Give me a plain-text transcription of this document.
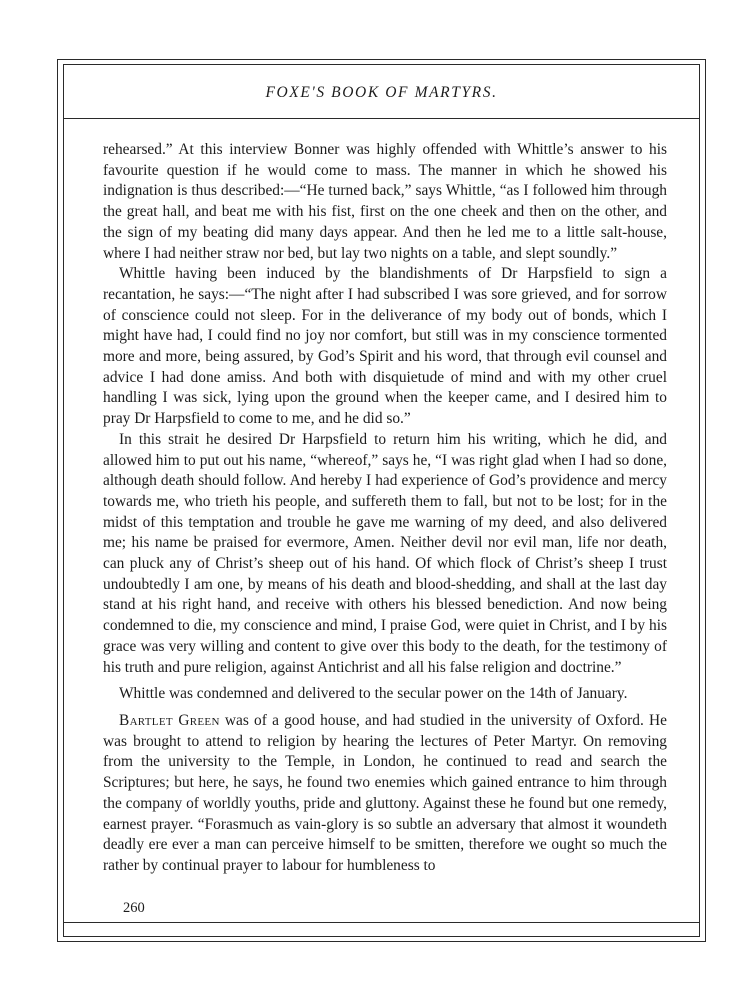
FOXE'S BOOK OF MARTYRS.

rehearsed.” At this interview Bonner was highly offended with Whittle’s answer to his favourite question if he would come to mass. The manner in which he showed his indignation is thus described:—“He turned back,” says Whittle, “as I followed him through the great hall, and beat me with his fist, first on the one cheek and then on the other, and the sign of my beating did many days appear. And then he led me to a little salt-house, where I had neither straw nor bed, but lay two nights on a table, and slept soundly.”

Whittle having been induced by the blandishments of Dr Harpsfield to sign a recantation, he says:—“The night after I had subscribed I was sore grieved, and for sorrow of conscience could not sleep. For in the deliverance of my body out of bonds, which I might have had, I could find no joy nor comfort, but still was in my conscience tormented more and more, being assured, by God’s Spirit and his word, that through evil counsel and advice I had done amiss. And both with disquietude of mind and with my other cruel handling I was sick, lying upon the ground when the keeper came, and I desired him to pray Dr Harpsfield to come to me, and he did so.”

In this strait he desired Dr Harpsfield to return him his writing, which he did, and allowed him to put out his name, “whereof,” says he, “I was right glad when I had so done, although death should follow. And hereby I had experience of God’s providence and mercy towards me, who trieth his people, and suffereth them to fall, but not to be lost; for in the midst of this temptation and trouble he gave me warning of my deed, and also delivered me; his name be praised for evermore, Amen. Neither devil nor evil man, life nor death, can pluck any of Christ’s sheep out of his hand. Of which flock of Christ’s sheep I trust undoubtedly I am one, by means of his death and blood-shedding, and shall at the last day stand at his right hand, and receive with others his blessed benediction. And now being condemned to die, my conscience and mind, I praise God, were quiet in Christ, and I by his grace was very willing and content to give over this body to the death, for the testimony of his truth and pure religion, against Antichrist and all his false religion and doctrine.”

Whittle was condemned and delivered to the secular power on the 14th of January.

Bartlet Green was of a good house, and had studied in the university of Oxford. He was brought to attend to religion by hearing the lectures of Peter Martyr. On removing from the university to the Temple, in London, he continued to read and search the Scriptures; but here, he says, he found two enemies which gained entrance to him through the company of worldly youths, pride and gluttony. Against these he found but one remedy, earnest prayer. “Forasmuch as vain-glory is so subtle an adversary that almost it woundeth deadly ere ever a man can perceive himself to be smitten, therefore we ought so much the rather by continual prayer to labour for humbleness to

260
